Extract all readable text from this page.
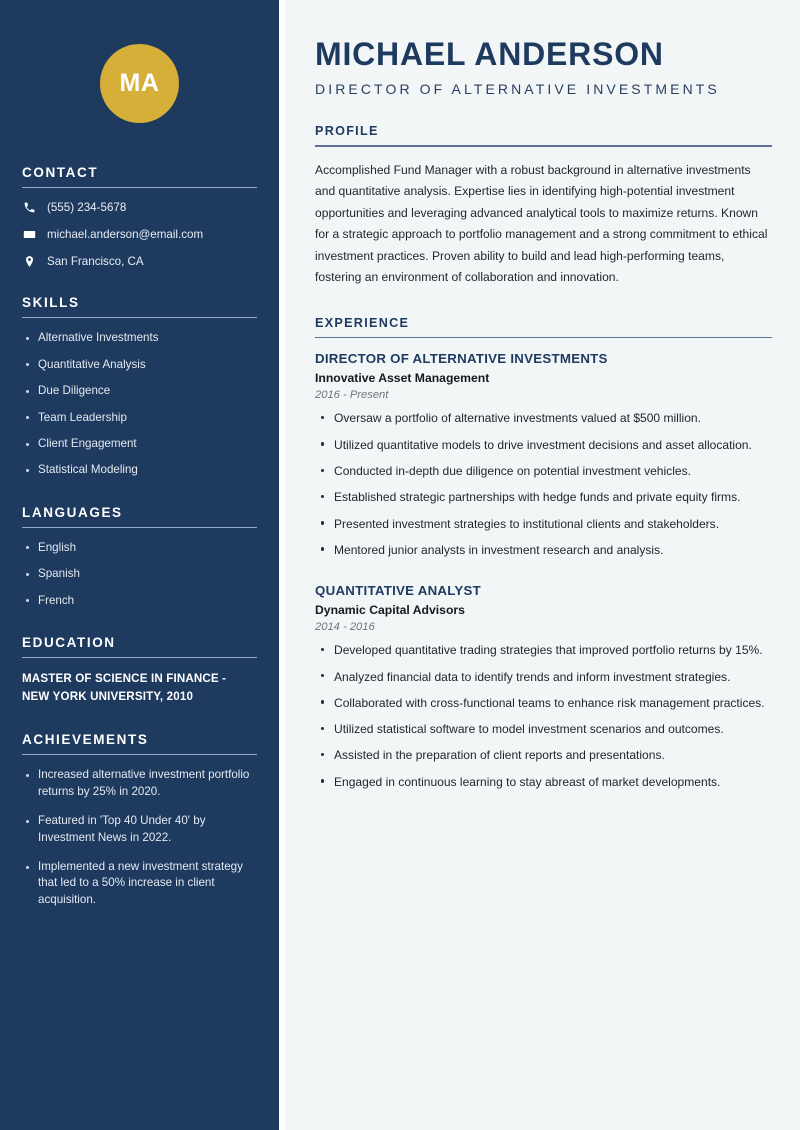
MA
CONTACT
(555) 234-5678
michael.anderson@email.com
San Francisco, CA
SKILLS
Alternative Investments
Quantitative Analysis
Due Diligence
Team Leadership
Client Engagement
Statistical Modeling
LANGUAGES
English
Spanish
French
EDUCATION
MASTER OF SCIENCE IN FINANCE - NEW YORK UNIVERSITY, 2010
ACHIEVEMENTS
Increased alternative investment portfolio returns by 25% in 2020.
Featured in 'Top 40 Under 40' by Investment News in 2022.
Implemented a new investment strategy that led to a 50% increase in client acquisition.
MICHAEL ANDERSON
DIRECTOR OF ALTERNATIVE INVESTMENTS
PROFILE

Accomplished Fund Manager with a robust background in alternative investments and quantitative analysis. Expertise lies in identifying high-potential investment opportunities and leveraging advanced analytical tools to maximize returns. Known for a strategic approach to portfolio management and a strong commitment to ethical investment practices. Proven ability to build and lead high-performing teams, fostering an environment of collaboration and innovation.

EXPERIENCE
DIRECTOR OF ALTERNATIVE INVESTMENTS
Innovative Asset Management
2016 - Present
Oversaw a portfolio of alternative investments valued at $500 million.
Utilized quantitative models to drive investment decisions and asset allocation.
Conducted in-depth due diligence on potential investment vehicles.
Established strategic partnerships with hedge funds and private equity firms.
Presented investment strategies to institutional clients and stakeholders.
Mentored junior analysts in investment research and analysis.
QUANTITATIVE ANALYST
Dynamic Capital Advisors
2014 - 2016
Developed quantitative trading strategies that improved portfolio returns by 15%.
Analyzed financial data to identify trends and inform investment strategies.
Collaborated with cross-functional teams to enhance risk management practices.
Utilized statistical software to model investment scenarios and outcomes.
Assisted in the preparation of client reports and presentations.
Engaged in continuous learning to stay abreast of market developments.
